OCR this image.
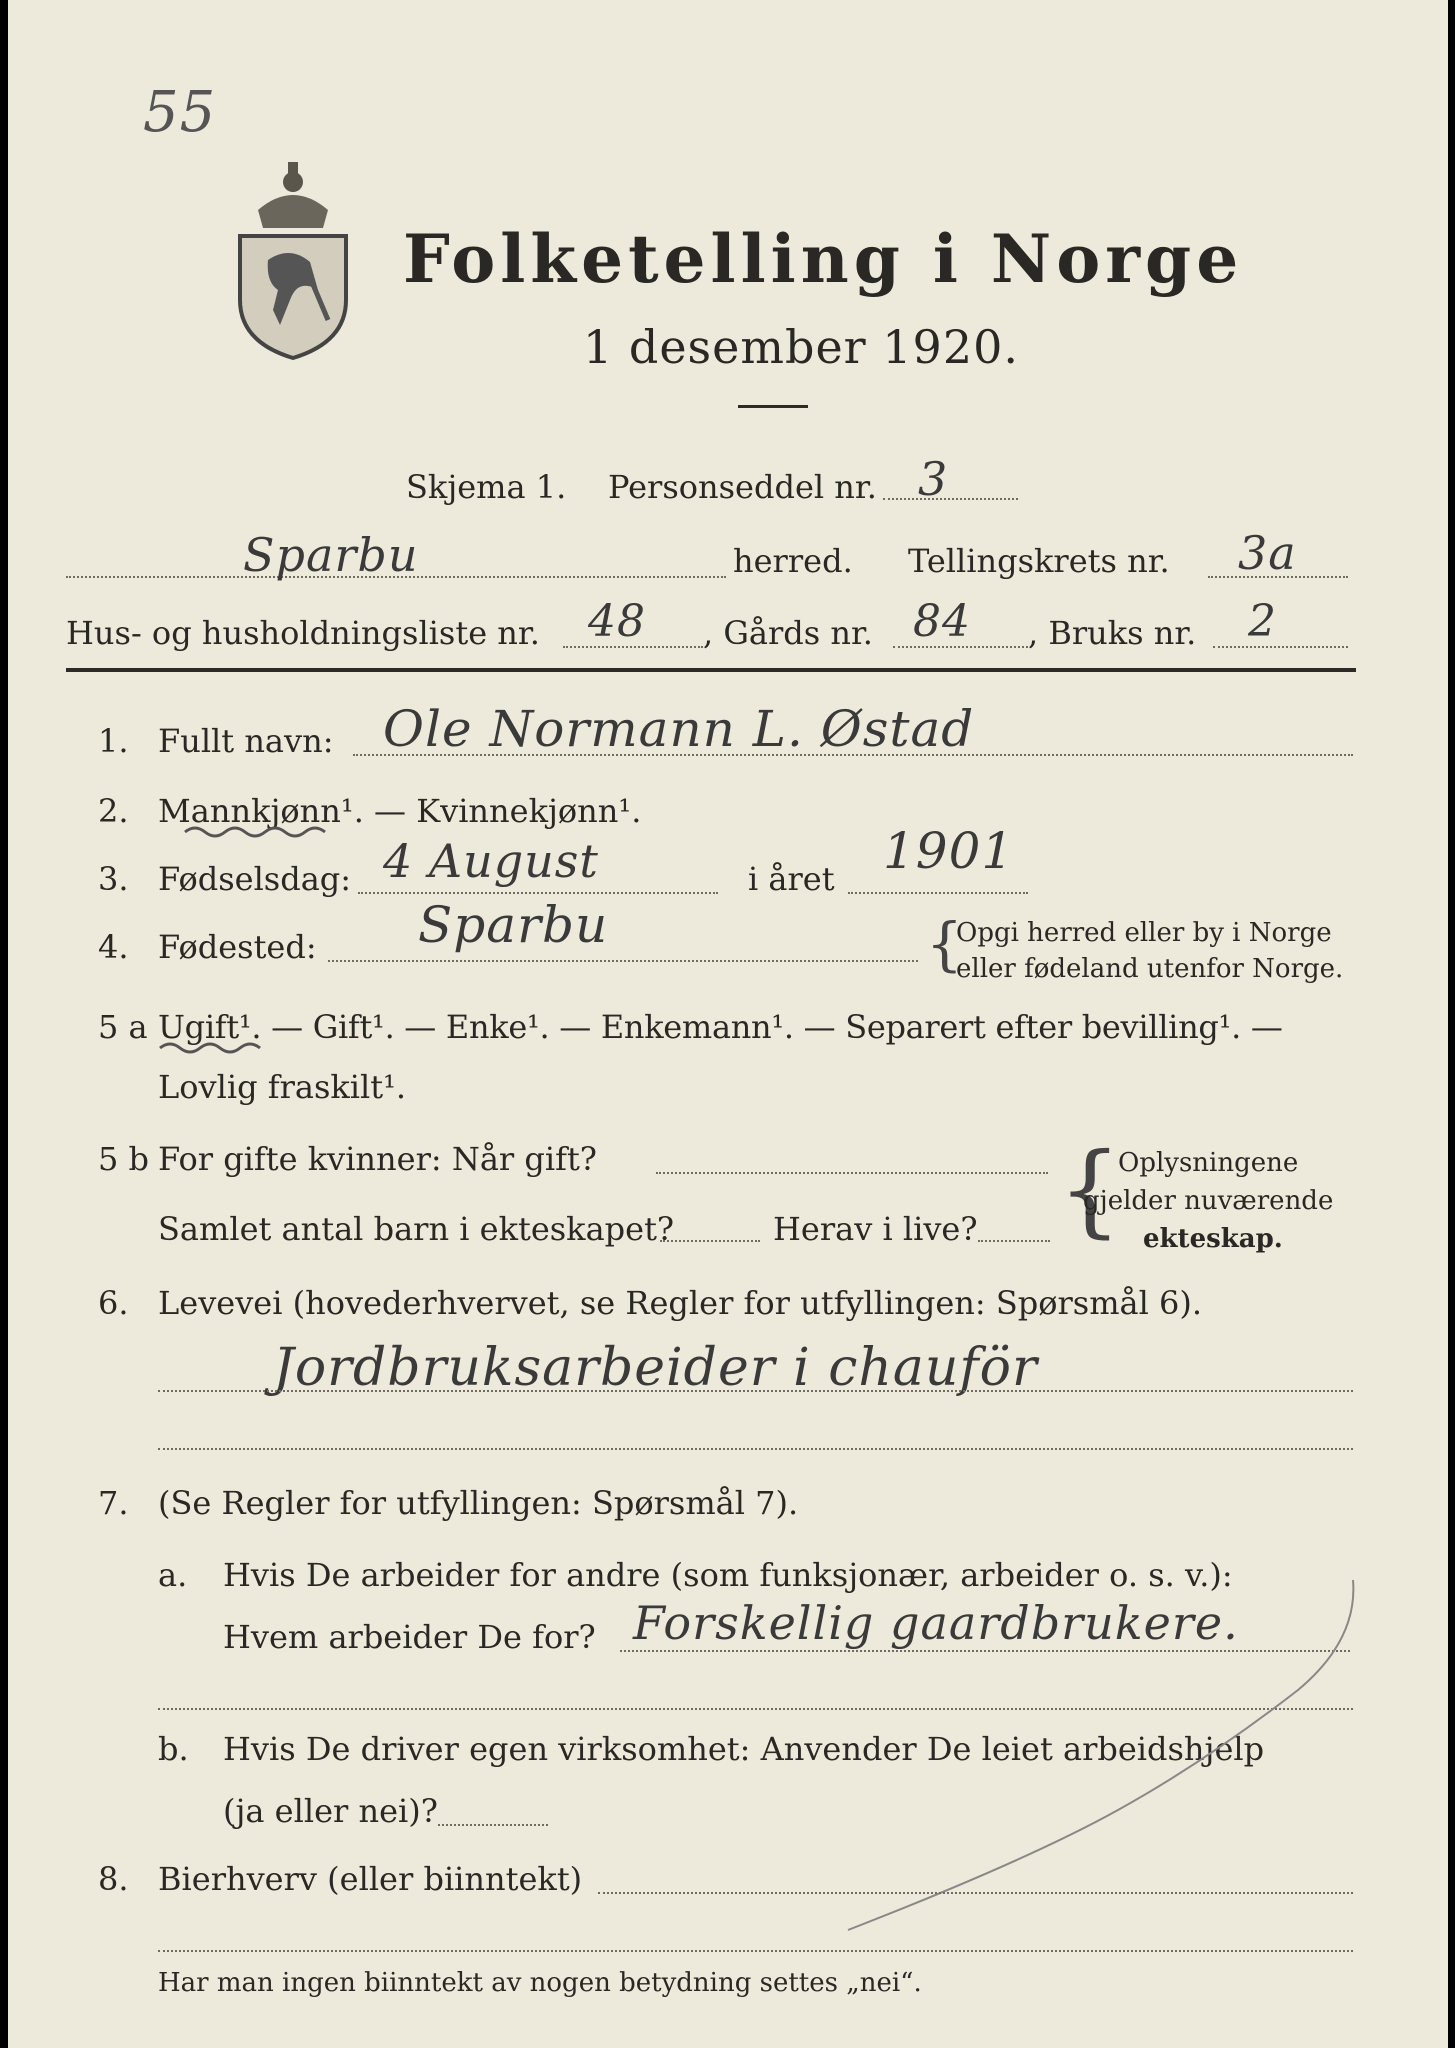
55
Folketelling i Norge
1 desember 1920.
Skjema 1. Personseddel nr. 3
Sparbu	herred. Tellingskrets nr. 3a
Hus- og husholdningsliste nr. 48 , Gårds nr. 84 , Bruks nr. 2
1. Fullt navn: Ole Normann L. Østad
2. Mannkjønn¹. — Kvinnekjønn¹.
3. Fødselsdag: 4 August	i året 1901
4. Fødested: Sparbu	{
Opgi herred eller by i Norge
eller fødeland utenfor Norge.
5 a Ugift¹. — Gift¹. — Enke¹. — Enkemann¹. — Separert efter bevilling¹. —
Lovlig fraskilt¹.
5 b For gifte kvinner: Når gift?
Samlet antal barn i ekteskapet?	Herav i live? {
Oplysningene
gjelder nuværende
ekteskap.
6. Levevei (hovederhvervet, se Regler for utfyllingen: Spørsmål 6).
Jordbruksarbeider i chauför
7. (Se Regler for utfyllingen: Spørsmål 7).
a. Hvis De arbeider for andre (som funksjonær, arbeider o. s. v.):
Hvem arbeider De for? Forskellig gaardbrukere.
b. Hvis De driver egen virksomhet: Anvender De leiet arbeidshjelp
(ja eller nei)?
8. Bierhverv (eller biinntekt)
Har man ingen biinntekt av nogen betydning settes „nei“.
